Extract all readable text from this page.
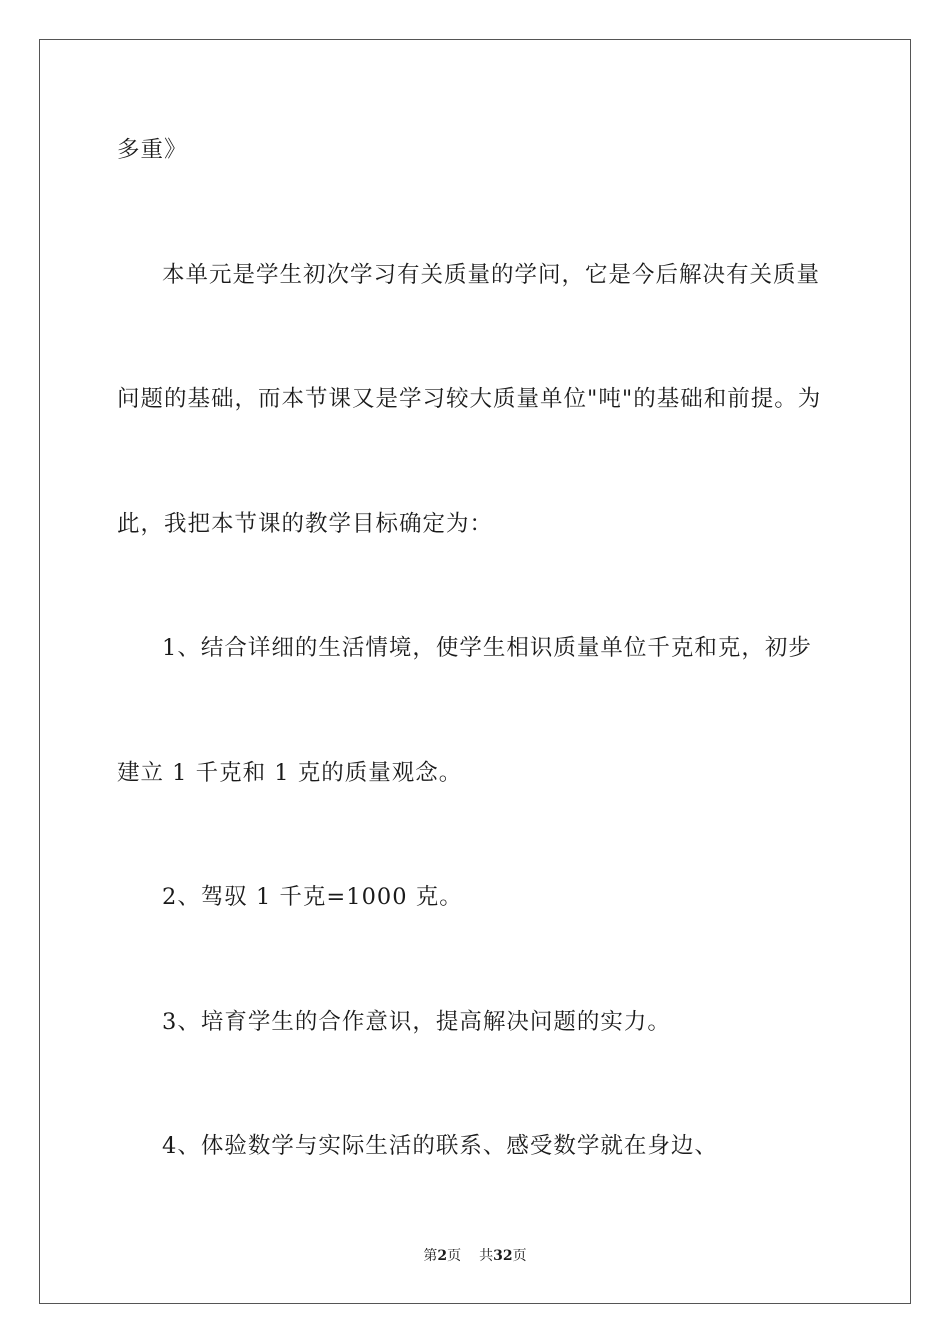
多重》
本单元是学生初次学习有关质量的学问，它是今后解决有关质量
问题的基础，而本节课又是学习较大质量单位"吨"的基础和前提。为
此，我把本节课的教学目标确定为：
1、结合详细的生活情境，使学生相识质量单位千克和克，初步
建立 1 千克和 1 克的质量观念。
2、驾驭 1 千克=1000 克。
3、培育学生的合作意识，提高解决问题的实力。
4、体验数学与实际生活的联系、感受数学就在身边、
第2页 共32页
